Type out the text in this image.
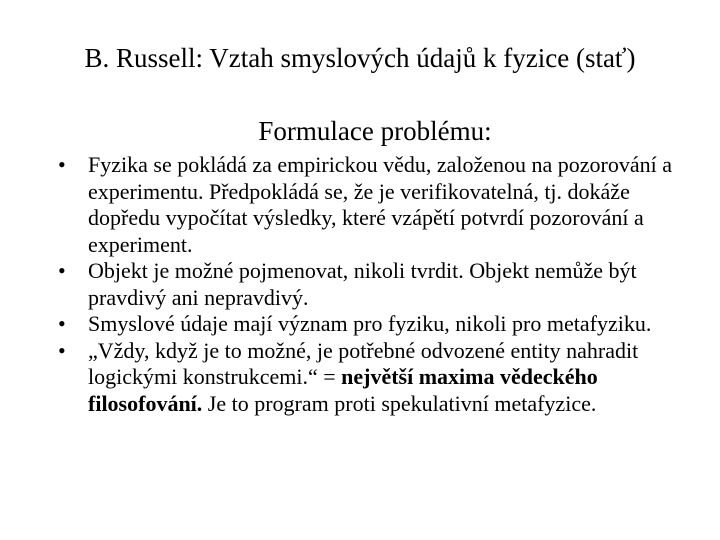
B. Russell: Vztah smyslových údajů k fyzice (stať)
Formulace problému:
•	Fyzika se pokládá za empirickou vědu, založenou na pozorování a experimentu. Předpokládá se, že je verifikovatelná, tj. dokáže dopředu vypočítat výsledky, které vzápětí potvrdí pozorování a experiment.
•	Objekt je možné pojmenovat, nikoli tvrdit. Objekt nemůže být pravdivý ani nepravdivý.
•	Smyslové údaje mají význam pro fyziku, nikoli pro metafyziku.
•	„Vždy, když je to možné, je potřebné odvozené entity nahradit logickými konstrukcemi.“ = největší maxima vědeckého filosofování. Je to program proti spekulativní metafyzice.
